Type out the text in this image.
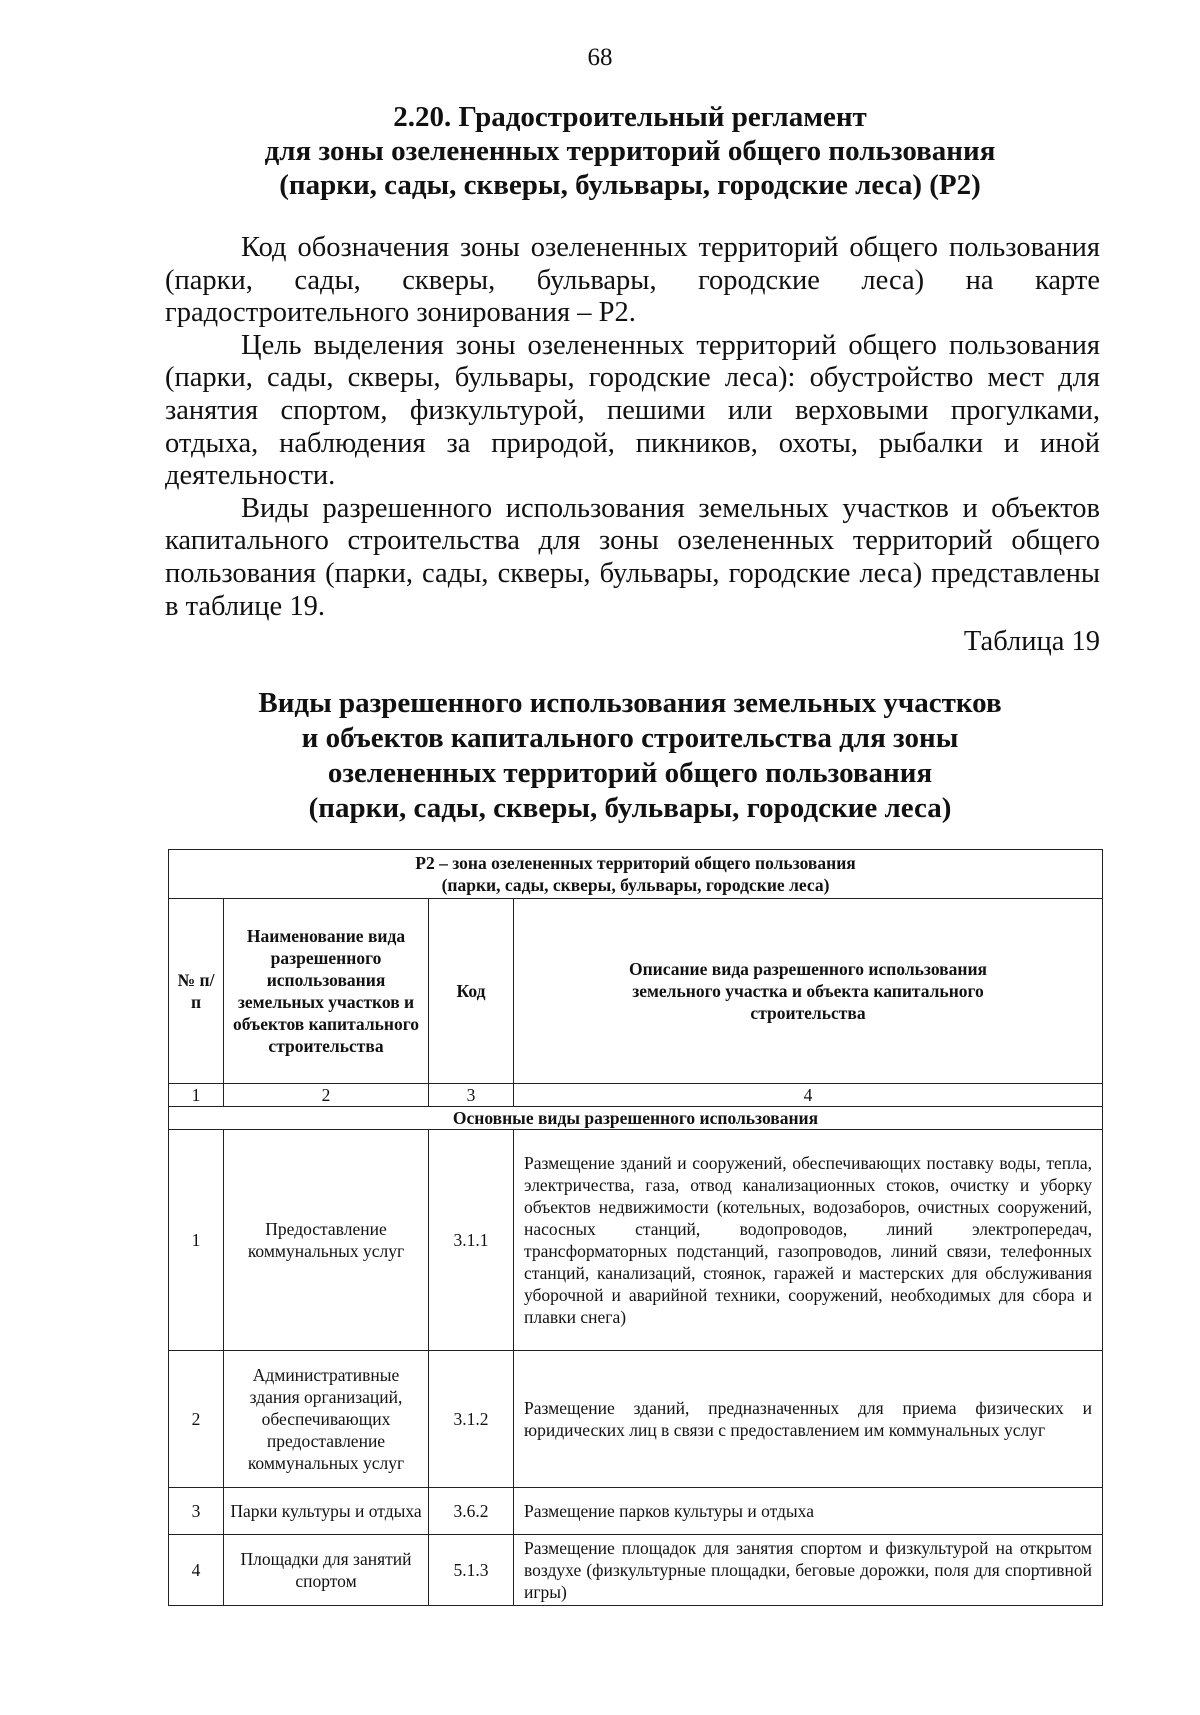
68
2.20. Градостроительный регламент
для зоны озелененных территорий общего пользования
(парки, сады, скверы, бульвары, городские леса) (Р2)

Код обозначения зоны озелененных территорий общего пользования (парки, сады, скверы, бульвары, городские леса) на карте градостроительного зонирования – Р2.

Цель выделения зоны озелененных территорий общего пользования (парки, сады, скверы, бульвары, городские леса): обустройство мест для занятия спортом, физкультурой, пешими или верховыми прогулками, отдыха, наблюдения за природой, пикников, охоты, рыбалки и иной деятельности.

Виды разрешенного использования земельных участков и объектов капитального строительства для зоны озелененных территорий общего пользования (парки, сады, скверы, бульвары, городские леса) представлены в таблице 19.

Таблица 19
Виды разрешенного использования земельных участков
и объектов капитального строительства для зоны
озелененных территорий общего пользования
(парки, сады, скверы, бульвары, городские леса)
Р2 – зона озелененных территорий общего пользования
(парки, сады, скверы, бульвары, городские леса)			

№ п/п	Наименование вида разрешенного использования земельных участков и объектов капитального строительства	Код	Описание вида разрешенного использования земельного участка и объекта капитального строительства
1	2	3	4
Основные виды разрешенного использования			
1	Предоставление коммунальных услуг	3.1.1	Размещение зданий и сооружений, обеспечивающих поставку воды, тепла, электричества, газа, отвод канализационных стоков, очистку и уборку объектов недвижимости (котельных, водозаборов, очистных сооружений, насосных станций, водопроводов, линий электропередач, трансформаторных подстанций, газопроводов, линий связи, телефонных станций, канализаций, стоянок, гаражей и мастерских для обслуживания уборочной и аварийной техники, сооружений, необходимых для сбора и плавки снега)
2	Административные здания организаций, обеспечивающих предоставление коммунальных услуг	3.1.2	Размещение зданий, предназначенных для приема физических и юридических лиц в связи с предоставлением им коммунальных услуг
3	Парки культуры и отдыха	3.6.2	Размещение парков культуры и отдыха
4	Площадки для занятий спортом	5.1.3	Размещение площадок для занятия спортом и физкультурой на открытом воздухе (физкультурные площадки, беговые дорожки, поля для спортивной игры)
